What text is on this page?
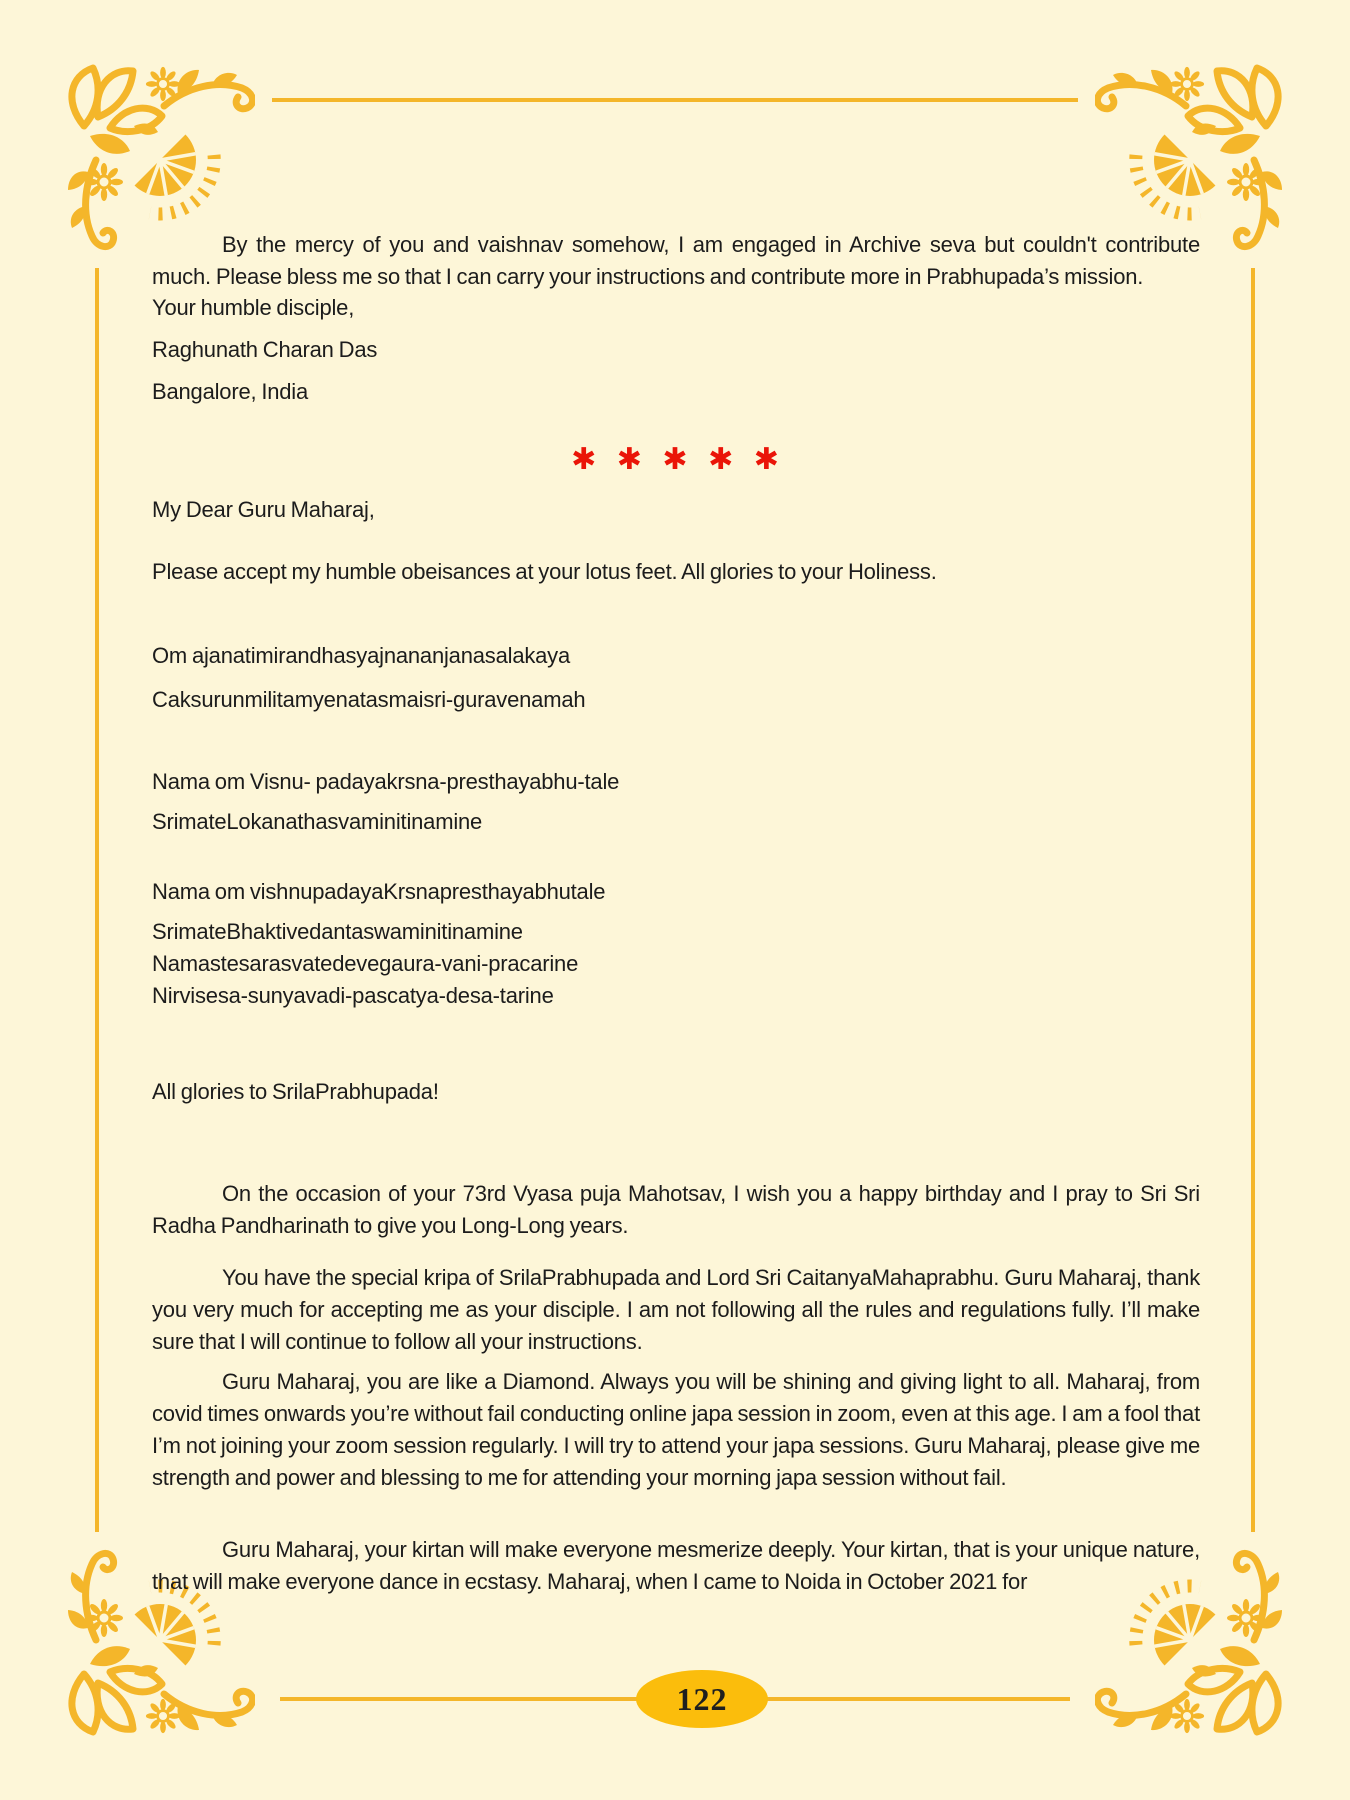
By the mercy of you and vaishnav somehow, I am engaged in Archive seva but couldn't contribute much. Please bless me so that I can carry your instructions and contribute more in Prabhupada’s mission.

Your humble disciple,
Raghunath Charan Das
Bangalore, India
✱ ✱ ✱ ✱ ✱
My Dear Guru Maharaj,
Please accept my humble obeisances at your lotus feet. All glories to your Holiness.
Om ajanatimirandhasyajnananjanasalakaya
Caksurunmilitamyenatasmaisri-guravenamah
Nama om Visnu- padayakrsna-presthayabhu-tale
SrimateLokanathasvaminitinamine
Nama om vishnupadayaKrsnapresthayabhutale
SrimateBhaktivedantaswaminitinamine
Namastesarasvatedevegaura-vani-pracarine
Nirvisesa-sunyavadi-pascatya-desa-tarine
All glories to SrilaPrabhupada!

On the occasion of your 73rd Vyasa puja Mahotsav, I wish you a happy birthday and I pray to Sri Sri Radha Pandharinath to give you Long-Long years.

You have the special kripa of SrilaPrabhupada and Lord Sri CaitanyaMahaprabhu. Guru Maharaj, thank you very much for accepting me as your disciple. I am not following all the rules and regulations fully. I’ll make sure that I will continue to follow all your instructions.

Guru Maharaj, you are like a Diamond. Always you will be shining and giving light to all. Maharaj, from covid times onwards you’re without fail conducting online japa session in zoom, even at this age. I am a fool that I’m not joining your zoom session regularly. I will try to attend your japa sessions. Guru Maharaj, please give me strength and power and blessing to me for attending your morning japa session without fail.

Guru Maharaj, your kirtan will make everyone mesmerize deeply. Your kirtan, that is your unique nature, that will make everyone dance in ecstasy. Maharaj, when I came to Noida in October 2021 for

122
